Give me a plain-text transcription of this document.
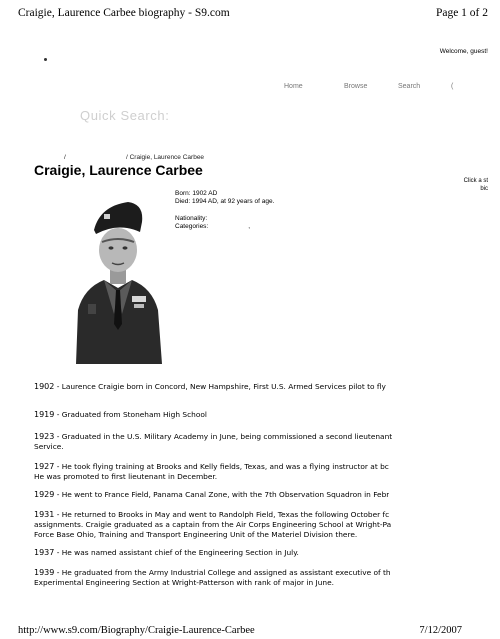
Craigie, Laurence Carbee biography - S9.com	Page 1 of 2
Welcome, guest!
Home	Browse	Search	(
Quick Search:
/	/ Craigie, Laurence Carbee
Craigie, Laurence Carbee
Click a st
bic
Born: 1902 AD
Died: 1994 AD, at 92 years of age.
Nationality:
Categories:	,
1902 - Laurence Craigie born in Concord, New Hampshire, First U.S. Armed Services pilot to fly
1919 - Graduated from Stoneham High School
1923 - Graduated in the U.S. Military Academy in June, being commissioned a second lieutenant
Service.
1927 - He took flying training at Brooks and Kelly fields, Texas, and was a flying instructor at bc
He was promoted to first lieutenant in December.
1929 - He went to France Field, Panama Canal Zone, with the 7th Observation Squadron in Febr
1931 - He returned to Brooks in May and went to Randolph Field, Texas the following October fc
assignments. Craigie graduated as a captain from the Air Corps Engineering School at Wright-Pa
Force Base Ohio, Training and Transport Engineering Unit of the Materiel Division there.
1937 - He was named assistant chief of the Engineering Section in July.
1939 - He graduated from the Army Industrial College and assigned as assistant executive of th
Experimental Engineering Section at Wright-Patterson with rank of major in June.
http://www.s9.com/Biography/Craigie-Laurence-Carbee	7/12/2007
